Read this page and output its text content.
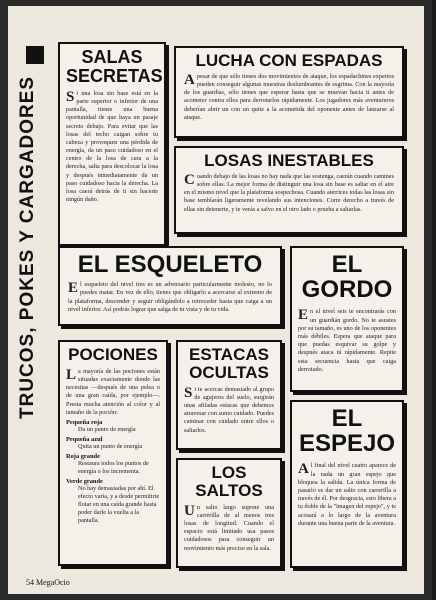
TRUCOS, POKES Y CARGADORES
SALAS
SECRETAS

Si una losa sin base está en la parte superior o inferior de una pantalla, tienes una buena oportunidad de que haya un pasaje secreto debajo. Para evitar que las losas del techo caigan sobre tu cabeza y provoquen una pérdida de energía, da un paso cuidadoso en el centro de la losa de cara a la derecha, salta para descolocar la losa y después inmediatamente da un paso cuidadoso hacia la derecha. La losa caerá detrás de ti sin hacerte ningún daño.

LUCHA CON ESPADAS

A pesar de que sólo tienes dos movimientos de ataque, los espadachines expertos pueden conseguir algunas muestras deslumbrantes de esgrima. Con la mayoría de los guardias, sólo tienes que esperar hasta que se muevan hacia ti antes de acometer contra ellos para derrotarlos rápidamente. Los jugadores más aventureros deberían abrir un con un quite a la acometida del oponente antes de lanzarse al ataque.

LOSAS INESTABLES

Cuando debajo de las losas no hay nada que las sostenga, caerán cuando camines sobre ellas. La mejor forma de distinguir una losa sin base es saltar en el aire en el mismo nivel que la plataforma sospechosa. Cuando aterrices todas las losas sin base temblarán ligeramente revelando sus intenciones. Corre derecho a través de ellas sin detenerte, y te verás a salvo en el otro lado o prueba a saltarlas.

EL ESQUELETO

El esqueleto del nivel tres es un adversario particularmente molesto, no lo puedes matar. En vez de ello, tienes que obligarlo a acercarse al extremo de la plataforma, descender y seguir obligándolo a retroceder hasta que caiga a un nivel inferior. Así podrás lograr que salga de tu vista y de tu vida.

EL
GORDO

En el nivel seis te encontrarás con un guardián gordo. No te asustes por su tamaño, es uno de los oponentes más débiles. Espera que ataque para que puedas esquivar su golpe y después ataca tú rápidamente. Repite esta secuencia hasta que caiga derrotado.

POCIONES

La mayoría de las pociones están situadas exactamente donde las necesitas —después de una pelea o de una gran caída, por ejemplo—. Presta mucha atención al color y al tamaño de la poción:

Pequeña roja
Da un punto de energía
Pequeña azul
Quita un punto de energía
Roja grande
Restaura todos los puntos de energía o los incrementa.
Verde grande
No hay demasiadas por ahí. El efecto varía, y a desde permitirte flotar en una caída grande hasta poder darle la vuelta a la pantalla.
ESTACAS
OCULTAS

Si te acercas demasiado al grupo de agujeros del suelo, surgirán unas afiladas estacas que debemos atravesar con sumo cuidado. Puedes caminar con cuidado entre ellos o saltarlos.

LOS
SALTOS

Un salto largo supone una carrerilla de al menos tres losas de longitud. Cuando el espacio está limitado usa pasos cuidadosos para conseguir un movimiento más preciso en la sala.

EL
ESPEJO

Al final del nivel cuatro aparece de la nada un gran espejo que bloquea la salida. La única forma de pasarlo es dar un salto con carrerilla a través de él. Por desgracia, esto libera a tu doble de la "imagen del espejo", y te acosará a lo largo de la aventura durante una buena parte de la aventura.

54 MegaOcio
